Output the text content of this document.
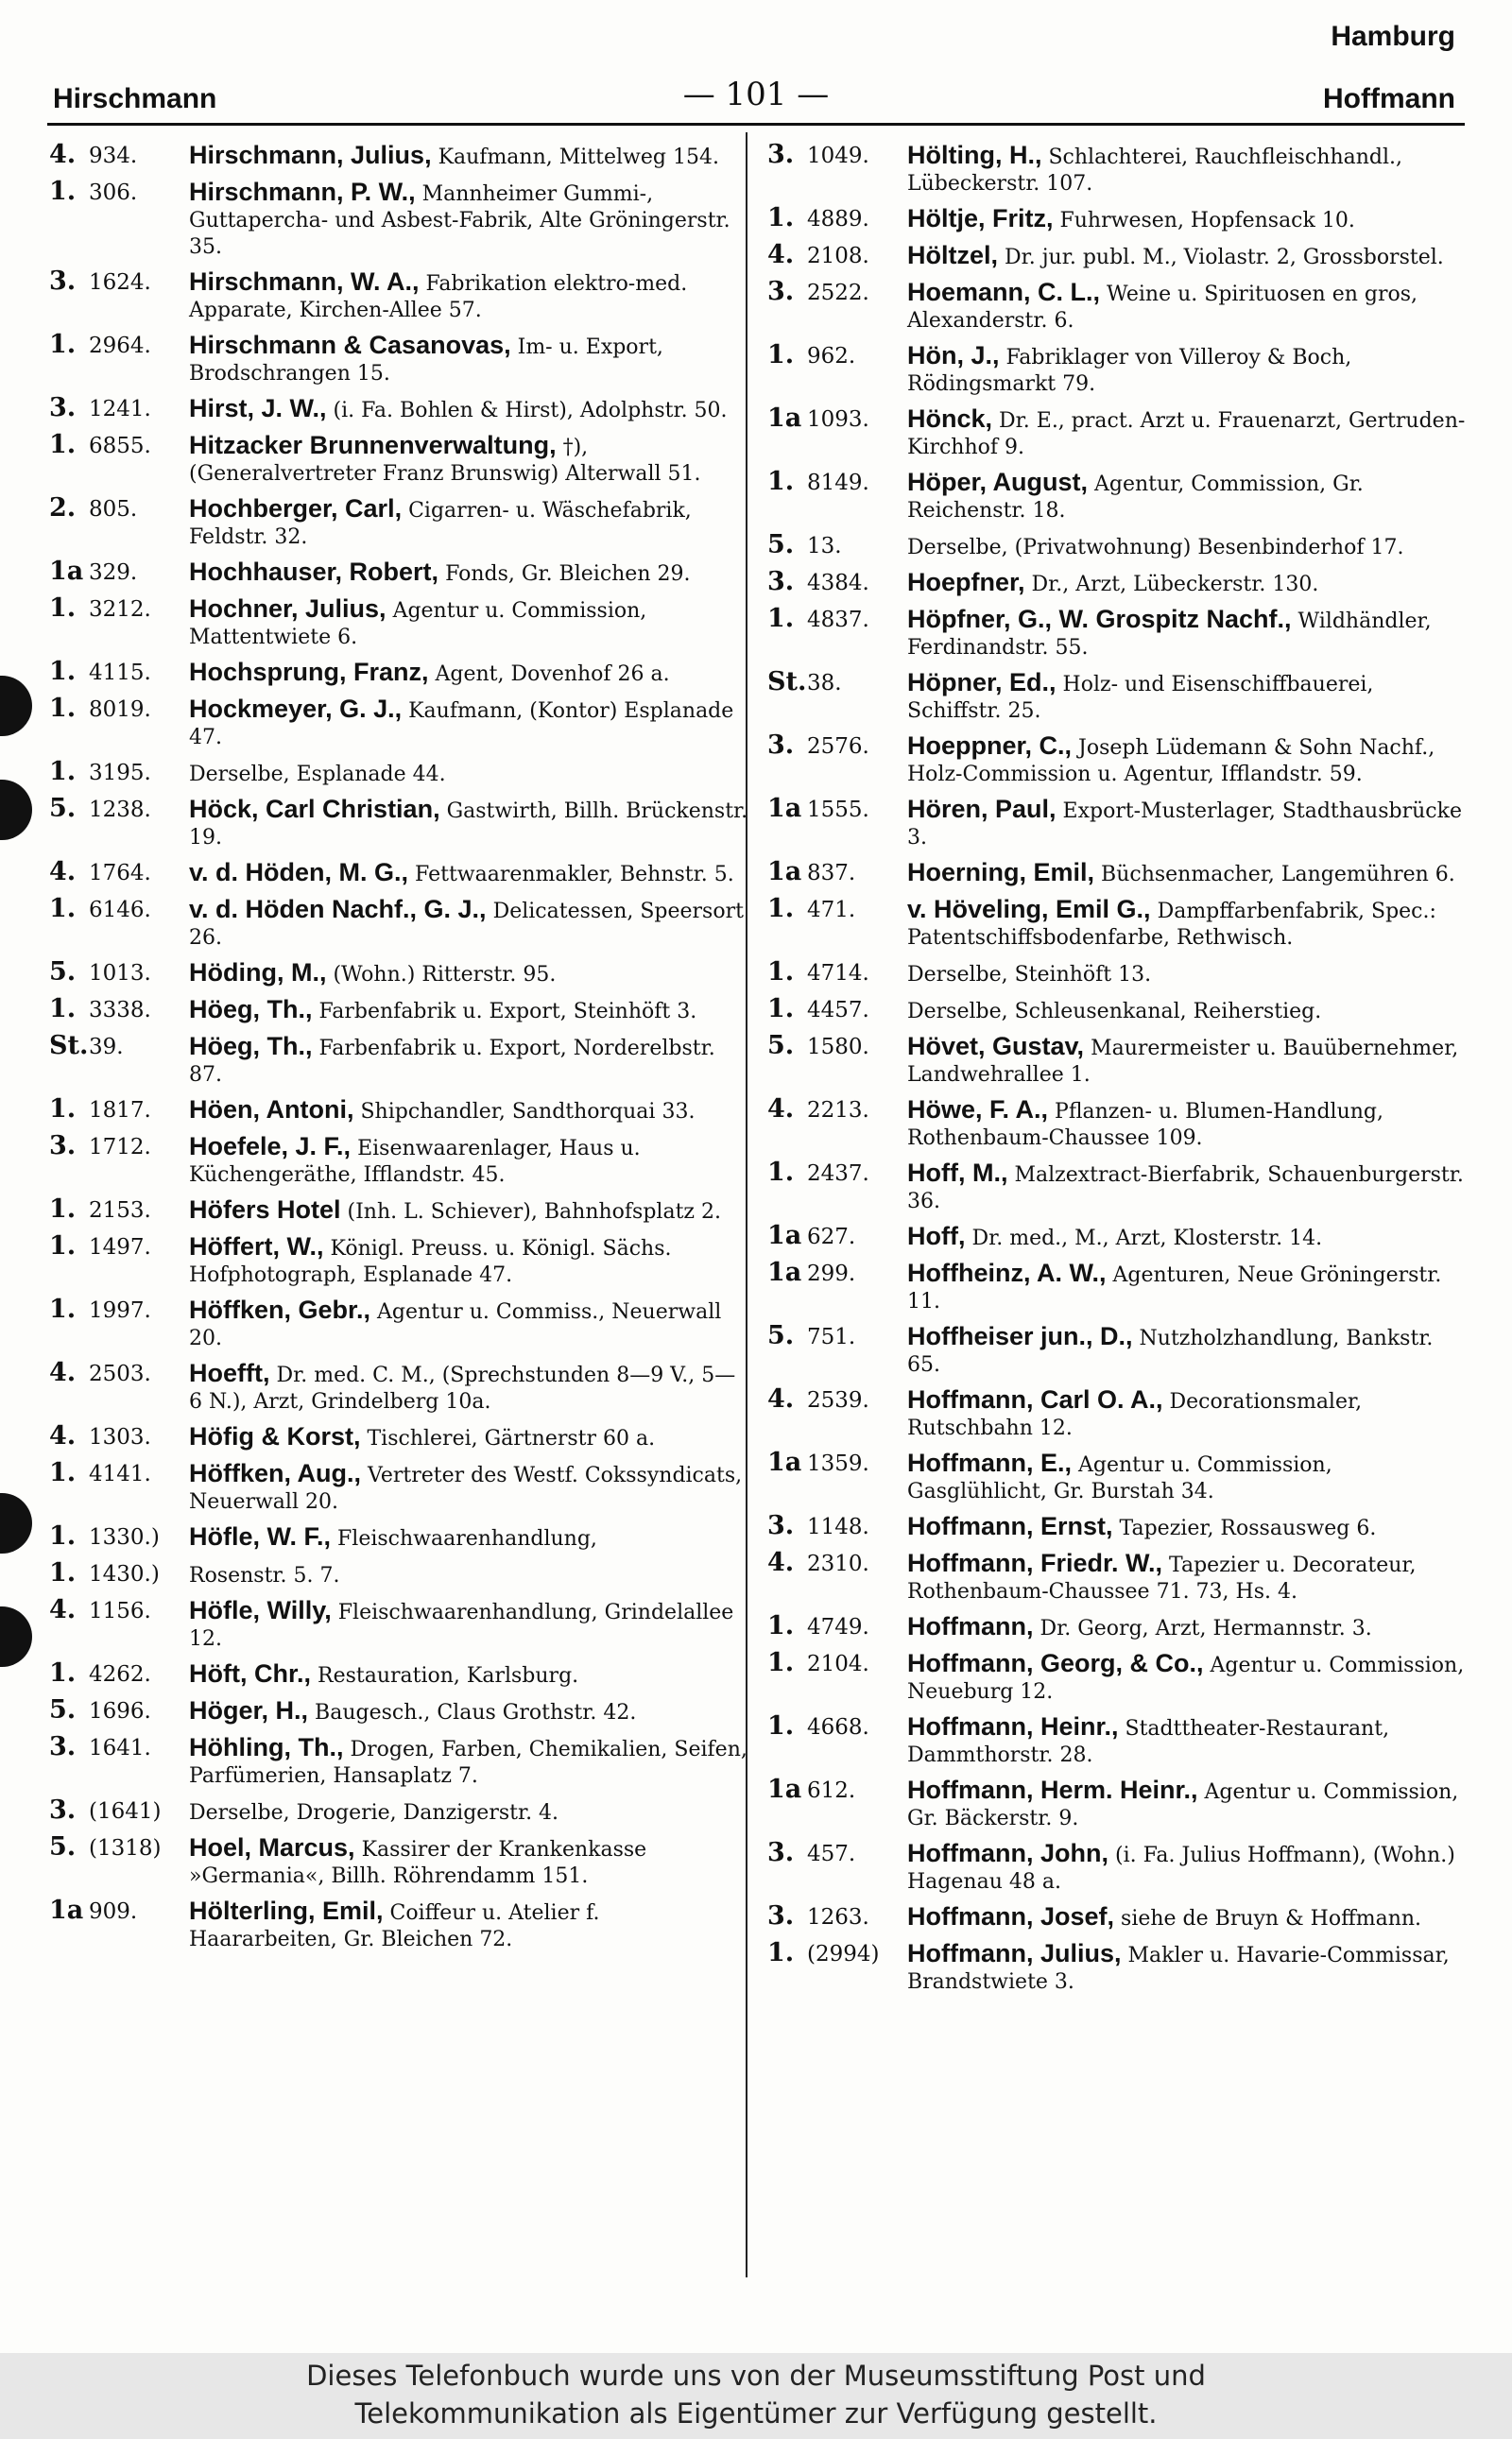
Hamburg
Hirschmann	— 101 —	Hoffmann
4. 934.	Hirschmann, Julius, Kaufmann, Mittelweg 154.
1. 306.	Hirschmann, P. W., Mannheimer Gummi-, Guttapercha- und Asbest-Fabrik, Alte Gröningerstr. 35.
3. 1624.	Hirschmann, W. A., Fabrikation elektro-med. Apparate, Kirchen-Allee 57.
1. 2964.	Hirschmann & Casanovas, Im- u. Export, Brodschrangen 15.
3. 1241.	Hirst, J. W., (i. Fa. Bohlen & Hirst), Adolphstr. 50.
1. 6855.	Hitzacker Brunnenverwaltung, †), (Generalvertreter Franz Brunswig) Alterwall 51.
2. 805.	Hochberger, Carl, Cigarren- u. Wäschefabrik, Feldstr. 32.
1a 329.	Hochhauser, Robert, Fonds, Gr. Bleichen 29.
1. 3212.	Hochner, Julius, Agentur u. Commission, Mattentwiete 6.
1. 4115.	Hochsprung, Franz, Agent, Dovenhof 26 a.
1. 8019.	Hockmeyer, G. J., Kaufmann, (Kontor) Esplanade 47.
1. 3195.	Derselbe, Esplanade 44.
5. 1238.	Höck, Carl Christian, Gastwirth, Billh. Brückenstr. 19.
4. 1764.	v. d. Höden, M. G., Fettwaarenmakler, Behnstr. 5.
1. 6146.	v. d. Höden Nachf., G. J., Delicatessen, Speersort 26.
5. 1013.	Höding, M., (Wohn.) Ritterstr. 95.
1. 3338.	Höeg, Th., Farbenfabrik u. Export, Steinhöft 3.
St.39.	Höeg, Th., Farbenfabrik u. Export, Norderelbstr. 87.
1. 1817.	Höen, Antoni, Shipchandler, Sandthorquai 33.
3. 1712.	Hoefele, J. F., Eisenwaarenlager, Haus u. Küchengeräthe, Ifflandstr. 45.
1. 2153.	Höfers Hotel (Inh. L. Schiever), Bahnhofsplatz 2.
1. 1497.	Höffert, W., Königl. Preuss. u. Königl. Sächs. Hofphotograph, Esplanade 47.
1. 1997.	Höffken, Gebr., Agentur u. Commiss., Neuerwall 20.
4. 2503.	Hoefft, Dr. med. C. M., (Sprechstunden 8—9 V., 5—6 N.), Arzt, Grindelberg 10a.
4. 1303.	Höfig & Korst, Tischlerei, Gärtnerstr 60 a.
1. 4141.	Höffken, Aug., Vertreter des Westf. Cokssyndicats, Neuerwall 20.
1. 1330.)	Höfle, W. F., Fleischwaarenhandlung,
1. 1430.)	Rosenstr. 5. 7.
4. 1156.	Höfle, Willy, Fleischwaarenhandlung, Grindelallee 12.
1. 4262.	Höft, Chr., Restauration, Karlsburg.
5. 1696.	Höger, H., Baugesch., Claus Grothstr. 42.
3. 1641.	Höhling, Th., Drogen, Farben, Chemikalien, Seifen, Parfümerien, Hansaplatz 7.
3. (1641)	Derselbe, Drogerie, Danzigerstr. 4.
5. (1318)	Hoel, Marcus, Kassirer der Krankenkasse »Germania«, Billh. Röhrendamm 151.
1a 909.	Hölterling, Emil, Coiffeur u. Atelier f. Haararbeiten, Gr. Bleichen 72.
3. 1049.	Hölting, H., Schlachterei, Rauchfleischhandl., Lübeckerstr. 107.
1. 4889.	Höltje, Fritz, Fuhrwesen, Hopfensack 10.
4. 2108.	Höltzel, Dr. jur. publ. M., Violastr. 2, Grossborstel.
3. 2522.	Hoemann, C. L., Weine u. Spirituosen en gros, Alexanderstr. 6.
1. 962.	Hön, J., Fabriklager von Villeroy & Boch, Rödingsmarkt 79.
1a 1093.	Hönck, Dr. E., pract. Arzt u. Frauenarzt, Gertruden-Kirchhof 9.
1. 8149.	Höper, August, Agentur, Commission, Gr. Reichenstr. 18.
5. 13.	Derselbe, (Privatwohnung) Besenbinderhof 17.
3. 4384.	Hoepfner, Dr., Arzt, Lübeckerstr. 130.
1. 4837.	Höpfner, G., W. Grospitz Nachf., Wildhändler, Ferdinandstr. 55.
St.38.	Höpner, Ed., Holz- und Eisenschiffbauerei, Schiffstr. 25.
3. 2576.	Hoeppner, C., Joseph Lüdemann & Sohn Nachf., Holz-Commission u. Agentur, Ifflandstr. 59.
1a 1555.	Hören, Paul, Export-Musterlager, Stadthausbrücke 3.
1a 837.	Hoerning, Emil, Büchsenmacher, Langemühren 6.
1. 471.	v. Höveling, Emil G., Dampffarbenfabrik, Spec.: Patentschiffsbodenfarbe, Rethwisch.
1. 4714.	Derselbe, Steinhöft 13.
1. 4457.	Derselbe, Schleusenkanal, Reiherstieg.
5. 1580.	Hövet, Gustav, Maurermeister u. Bauübernehmer, Landwehrallee 1.
4. 2213.	Höwe, F. A., Pflanzen- u. Blumen-Handlung, Rothenbaum-Chaussee 109.
1. 2437.	Hoff, M., Malzextract-Bierfabrik, Schauenburgerstr. 36.
1a 627.	Hoff, Dr. med., M., Arzt, Klosterstr. 14.
1a 299.	Hoffheinz, A. W., Agenturen, Neue Gröningerstr. 11.
5. 751.	Hoffheiser jun., D., Nutzholzhandlung, Bankstr. 65.
4. 2539.	Hoffmann, Carl O. A., Decorationsmaler, Rutschbahn 12.
1a 1359.	Hoffmann, E., Agentur u. Commission, Gasglühlicht, Gr. Burstah 34.
3. 1148.	Hoffmann, Ernst, Tapezier, Rossausweg 6.
4. 2310.	Hoffmann, Friedr. W., Tapezier u. Decorateur, Rothenbaum-Chaussee 71. 73, Hs. 4.
1. 4749.	Hoffmann, Dr. Georg, Arzt, Hermannstr. 3.
1. 2104.	Hoffmann, Georg, & Co., Agentur u. Commission, Neueburg 12.
1. 4668.	Hoffmann, Heinr., Stadttheater-Restaurant, Dammthorstr. 28.
1a 612.	Hoffmann, Herm. Heinr., Agentur u. Commission, Gr. Bäckerstr. 9.
3. 457.	Hoffmann, John, (i. Fa. Julius Hoffmann), (Wohn.) Hagenau 48 a.
3. 1263.	Hoffmann, Josef, siehe de Bruyn & Hoffmann.
1. (2994)	Hoffmann, Julius, Makler u. Havarie-Commissar, Brandstwiete 3.
Dieses Telefonbuch wurde uns von der Museumsstiftung Post und
Telekommunikation als Eigentümer zur Verfügung gestellt.
